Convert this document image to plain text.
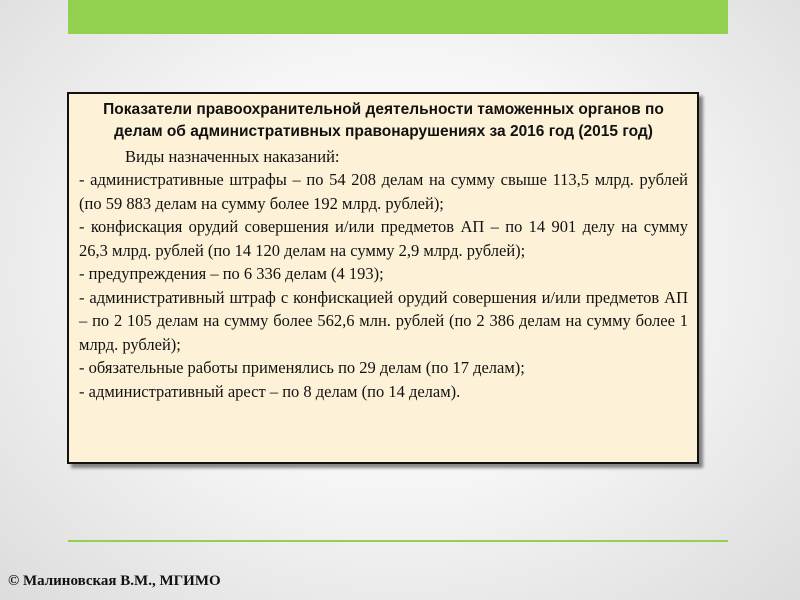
Показатели правоохранительной деятельности таможенных органов по делам об административных правонарушениях за 2016 год (2015 год)

Виды назначенных наказаний:

- административные штрафы – по 54 208 делам на сумму свыше 113,5 млрд. рублей (по 59 883 делам на сумму более 192 млрд. рублей);
- конфискация орудий совершения и/или предметов АП – по 14 901 делу на сумму 26,3 млрд. рублей (по 14 120 делам на сумму 2,9 млрд. рублей);
- предупреждения – по 6 336 делам (4 193);
- административный штраф с конфискацией орудий совершения и/или предметов АП – по 2 105 делам на сумму более 562,6 млн. рублей (по 2 386 делам на сумму более 1 млрд. рублей);
- обязательные работы применялись по 29 делам (по 17 делам);
- административный арест – по 8 делам (по 14 делам).
© Малиновская В.М., МГИМО
